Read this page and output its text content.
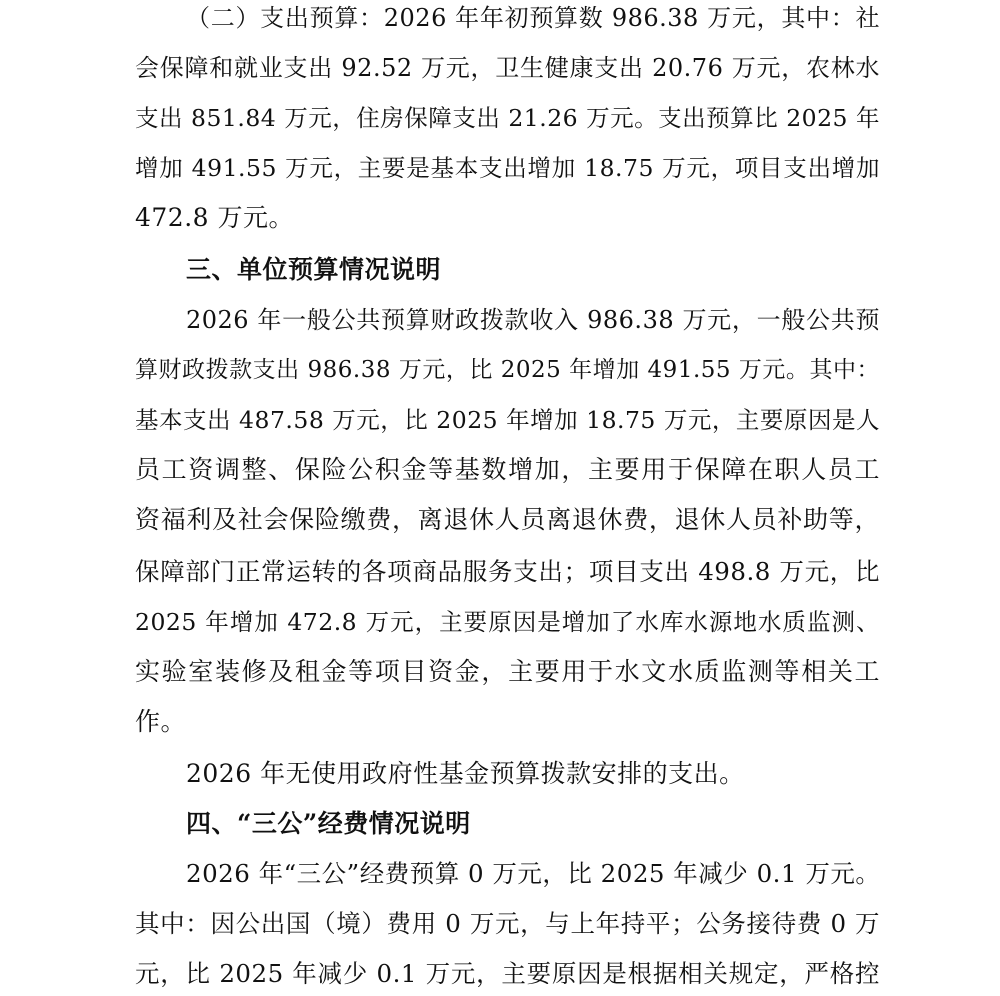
（二）支出预算：2026 年年初预算数 986.38 万元，其中：社
会保障和就业支出 92.52 万元，卫生健康支出 20.76 万元，农林水
支出 851.84 万元，住房保障支出 21.26 万元。支出预算比 2025 年
增加 491.55 万元，主要是基本支出增加 18.75 万元，项目支出增加
472.8 万元。
三、单位预算情况说明
2026 年一般公共预算财政拨款收入 986.38 万元，一般公共预
算财政拨款支出 986.38 万元，比 2025 年增加 491.55 万元。其中：
基本支出 487.58 万元，比 2025 年增加 18.75 万元，主要原因是人
员工资调整、保险公积金等基数增加，主要用于保障在职人员工
资福利及社会保险缴费，离退休人员离退休费，退休人员补助等，
保障部门正常运转的各项商品服务支出；项目支出 498.8 万元，比
2025 年增加 472.8 万元，主要原因是增加了水库水源地水质监测、
实验室装修及租金等项目资金，主要用于水文水质监测等相关工
作。
2026 年无使用政府性基金预算拨款安排的支出。
四、“三公”经费情况说明
2026 年“三公”经费预算 0 万元，比 2025 年减少 0.1 万元。
其中：因公出国（境）费用 0 万元，与上年持平；公务接待费 0 万
元，比 2025 年减少 0.1 万元，主要原因是根据相关规定，严格控
